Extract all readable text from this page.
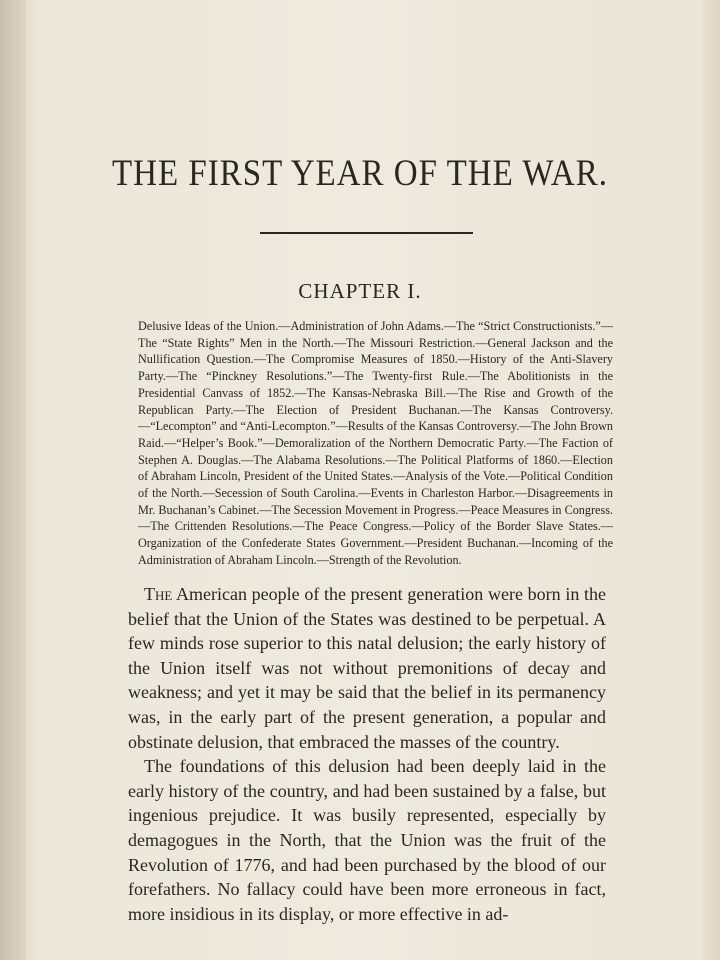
THE FIRST YEAR OF THE WAR.
CHAPTER I.

Delusive Ideas of the Union.—Administration of John Adams.—The “Strict Constructionists.”—The “State Rights” Men in the North.—The Missouri Restriction.—General Jackson and the Nullification Question.—The Compromise Measures of 1850.—History of the Anti-Slavery Party.—The “Pinckney Resolutions.”—The Twenty-first Rule.—The Abolitionists in the Presidential Canvass of 1852.—The Kansas-Nebraska Bill.—The Rise and Growth of the Republican Party.—The Election of President Buchanan.—The Kansas Controversy.—“Lecompton” and “Anti-Lecompton.”—Results of the Kansas Controversy.—The John Brown Raid.—“Helper’s Book.”—Demoralization of the Northern Democratic Party.—The Faction of Stephen A. Douglas.—The Alabama Resolutions.—The Political Platforms of 1860.—Election of Abraham Lincoln, President of the United States.—Analysis of the Vote.—Political Condition of the North.—Secession of South Carolina.—Events in Charleston Harbor.—Disagreements in Mr. Buchanan’s Cabinet.—The Secession Movement in Progress.—Peace Measures in Congress.—The Crittenden Resolutions.—The Peace Congress.—Policy of the Border Slave States.—Organization of the Confederate States Government.—President Buchanan.—Incoming of the Administration of Abraham Lincoln.—Strength of the Revolution.

The American people of the present generation were born in the belief that the Union of the States was destined to be perpetual. A few minds rose superior to this natal delusion; the early history of the Union itself was not without premonitions of decay and weakness; and yet it may be said that the belief in its permanency was, in the early part of the present generation, a popular and obstinate delusion, that embraced the masses of the country.

The foundations of this delusion had been deeply laid in the early history of the country, and had been sustained by a false, but ingenious prejudice. It was busily represented, especially by demagogues in the North, that the Union was the fruit of the Revolution of 1776, and had been purchased by the blood of our forefathers. No fallacy could have been more erroneous in fact, more insidious in its display, or more effective in ad-
